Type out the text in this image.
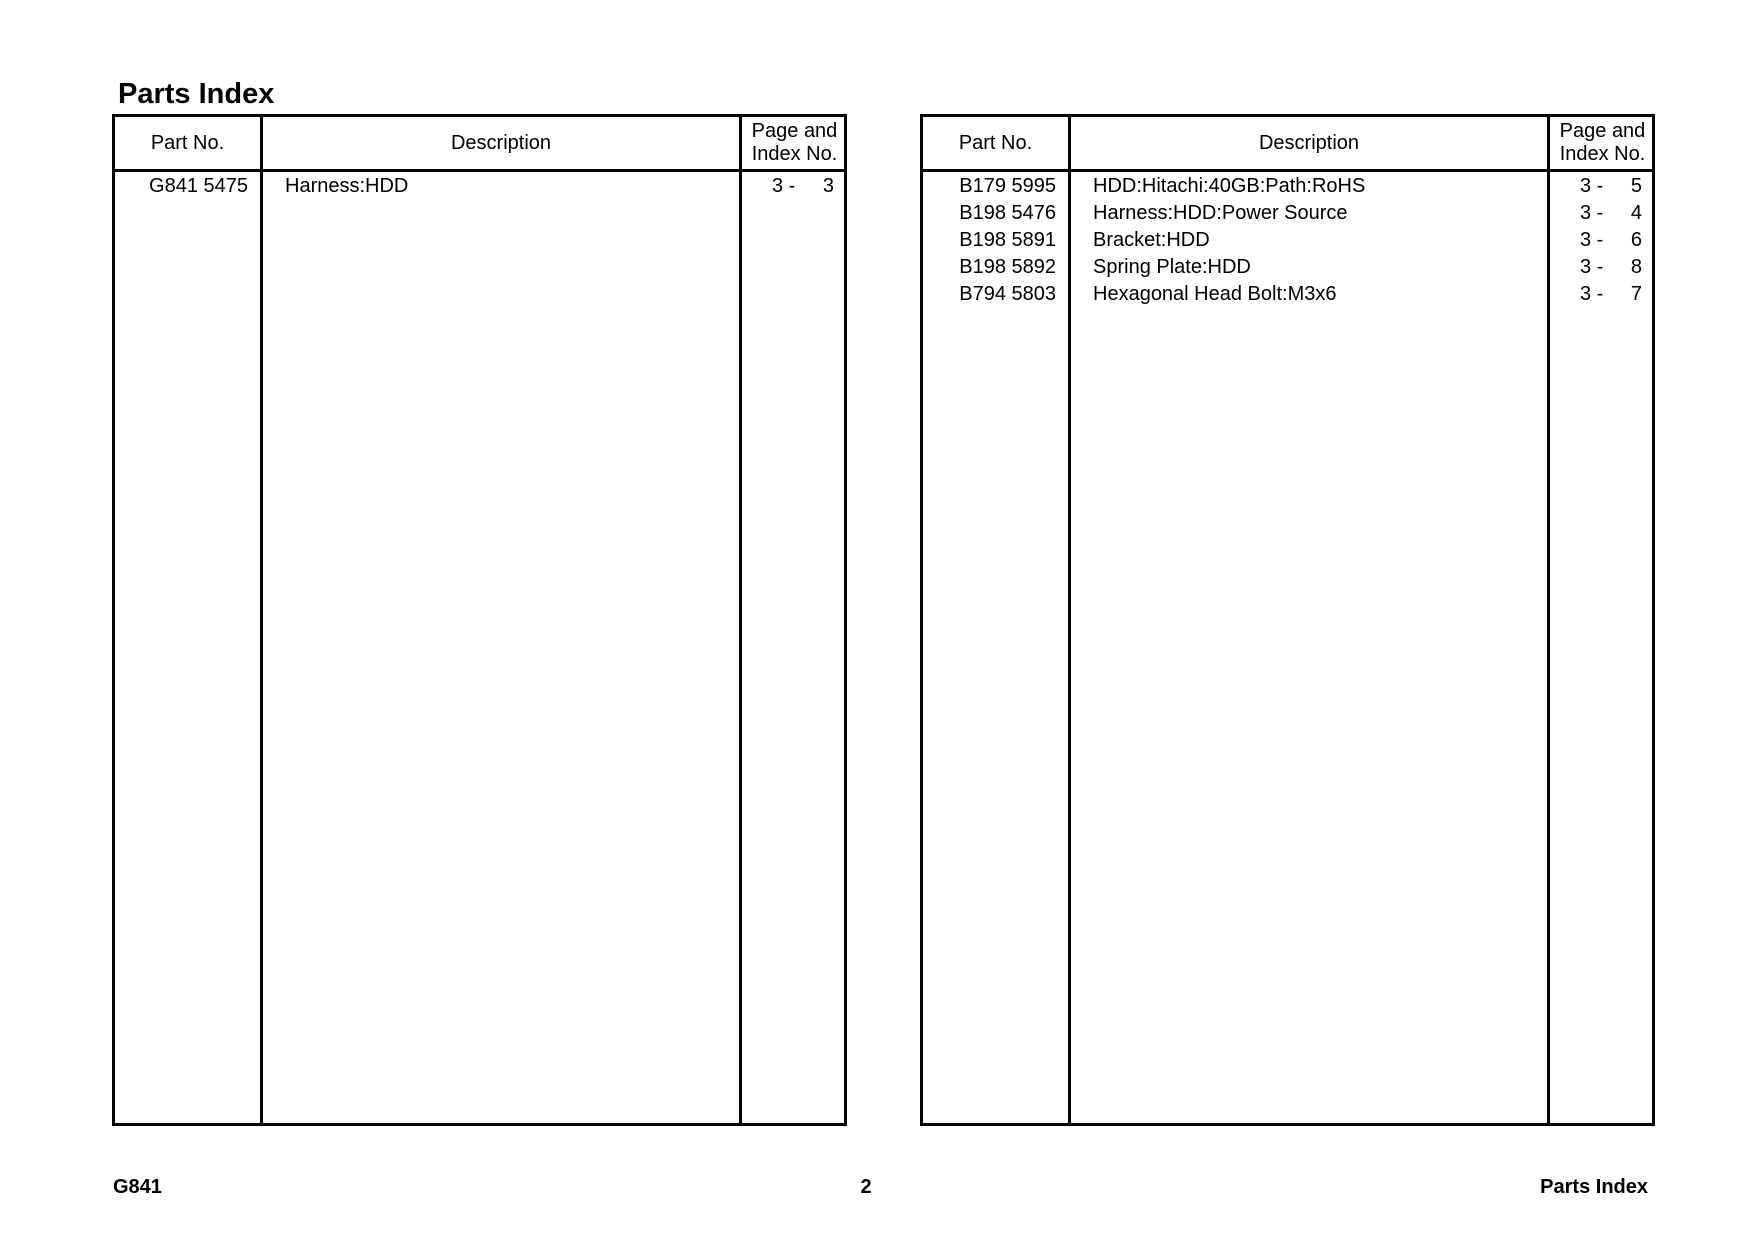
Parts Index
Part No.	Description
Page and
Index No.
G841 5475 Harness:HDD	3 -	3
Part No.	Description
Page and
Index No.
B179 5995 HDD:Hitachi:40GB:Path:RoHS	3 -	5
B198 5476 Harness:HDD:Power Source	3 -	4
B198 5891 Bracket:HDD	3 -	6
B198 5892 Spring Plate:HDD	3 -	8
B794 5803 Hexagonal Head Bolt:M3x6	3 -	7
G841	2	Parts Index
